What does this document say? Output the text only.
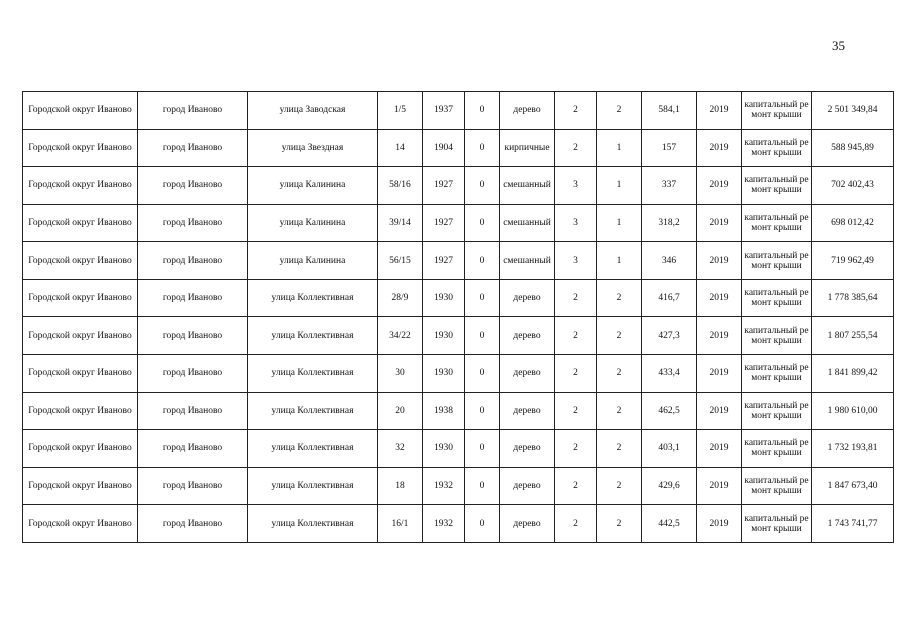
35
Городской округ Иваново	город Иваново	улица Заводская	1/5	1937	0	дерево	2	2	584,1	2019	капитальный ремонт крыши	2 501 349,84
Городской округ Иваново	город Иваново	улица Звездная	14	1904	0	кирпичные	2	1	157	2019	капитальный ремонт крыши	588 945,89
Городской округ Иваново	город Иваново	улица Калинина	58/16	1927	0	смешанный	3	1	337	2019	капитальный ремонт крыши	702 402,43
Городской округ Иваново	город Иваново	улица Калинина	39/14	1927	0	смешанный	3	1	318,2	2019	капитальный ремонт крыши	698 012,42
Городской округ Иваново	город Иваново	улица Калинина	56/15	1927	0	смешанный	3	1	346	2019	капитальный ремонт крыши	719 962,49
Городской округ Иваново	город Иваново	улица Коллективная	28/9	1930	0	дерево	2	2	416,7	2019	капитальный ремонт крыши	1 778 385,64
Городской округ Иваново	город Иваново	улица Коллективная	34/22	1930	0	дерево	2	2	427,3	2019	капитальный ремонт крыши	1 807 255,54
Городской округ Иваново	город Иваново	улица Коллективная	30	1930	0	дерево	2	2	433,4	2019	капитальный ремонт крыши	1 841 899,42
Городской округ Иваново	город Иваново	улица Коллективная	20	1938	0	дерево	2	2	462,5	2019	капитальный ремонт крыши	1 980 610,00
Городской округ Иваново	город Иваново	улица Коллективная	32	1930	0	дерево	2	2	403,1	2019	капитальный ремонт крыши	1 732 193,81
Городской округ Иваново	город Иваново	улица Коллективная	18	1932	0	дерево	2	2	429,6	2019	капитальный ремонт крыши	1 847 673,40
Городской округ Иваново	город Иваново	улица Коллективная	16/1	1932	0	дерево	2	2	442,5	2019	капитальный ремонт крыши	1 743 741,77
